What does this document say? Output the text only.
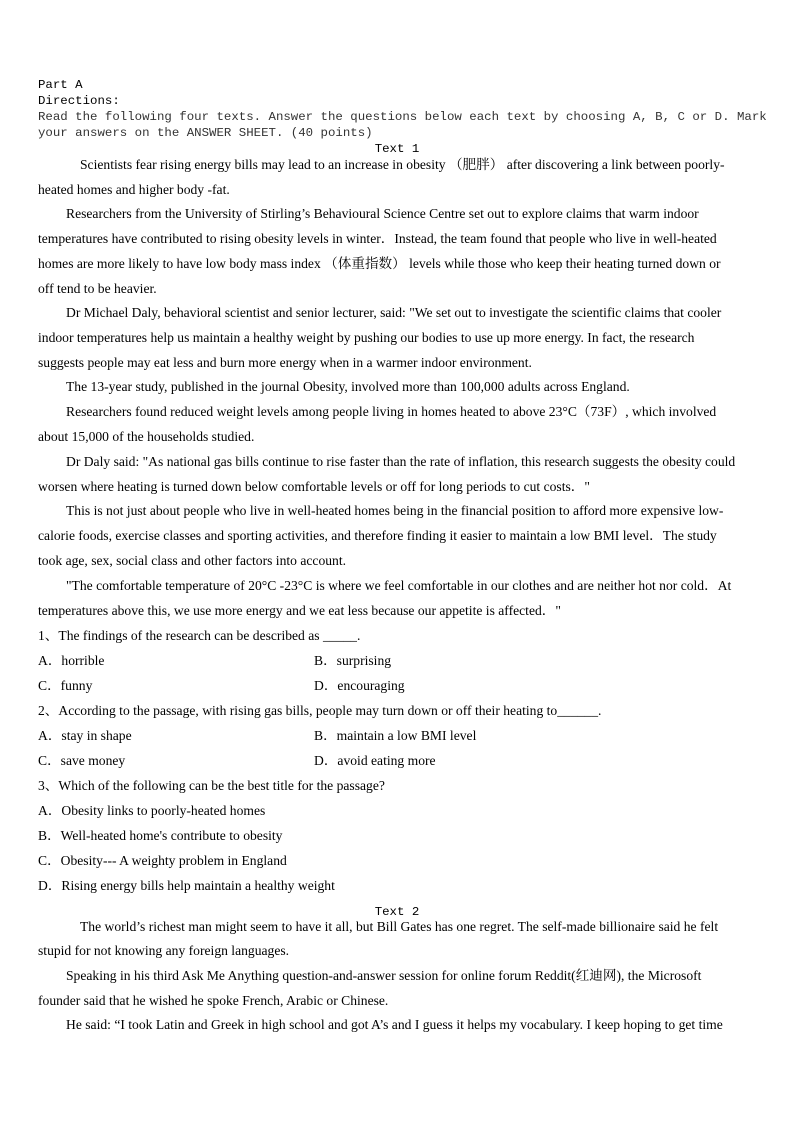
Part A
Directions:
Read the following four texts. Answer the questions below each text by choosing A, B, C or D. Mark
your answers on the ANSWER SHEET. (40 points)
Text 1
Scientists fear rising energy bills may lead to an increase in obesity （肥胖） after discovering a link between poorly-
heated homes and higher body -fat.
Researchers from the University of Stirling’s Behavioural Science Centre set out to explore claims that warm indoor
temperatures have contributed to rising obesity levels in winter．Instead, the team found that people who live in well-heated
homes are more likely to have low body mass index （体重指数） levels while those who keep their heating turned down or
off tend to be heavier.
Dr Michael Daly, behavioral scientist and senior lecturer, said: "We set out to investigate the scientific claims that cooler
indoor temperatures help us maintain a healthy weight by pushing our bodies to use up more energy. In fact, the research
suggests people may eat less and burn more energy when in a warmer indoor environment.
The 13-year study, published in the journal Obesity, involved more than 100,000 adults across England.
Researchers found reduced weight levels among people living in homes heated to above 23°C（73F）, which involved
about 15,000 of the households studied.
Dr Daly said: "As national gas bills continue to rise faster than the rate of inflation, this research suggests the obesity could
worsen where heating is turned down below comfortable levels or off for long periods to cut costs．"
This is not just about people who live in well-heated homes being in the financial position to afford more expensive low-
calorie foods, exercise classes and sporting activities, and therefore finding it easier to maintain a low BMI level．The study
took age, sex, social class and other factors into account.
"The comfortable temperature of 20°C -23°C is where we feel comfortable in our clothes and are neither hot nor cold．At
temperatures above this, we use more energy and we eat less because our appetite is affected．"
1、The findings of the research can be described as _____.
A．horrible	B．surprising
C．funny	D．encouraging
2、According to the passage, with rising gas bills, people may turn down or off their heating to______.
A．stay in shape	B．maintain a low BMI level
C．save money	D．avoid eating more
3、Which of the following can be the best title for the passage?
A．Obesity links to poorly-heated homes
B．Well-heated home's contribute to obesity
C．Obesity--- A weighty problem in England
D．Rising energy bills help maintain a healthy weight
Text 2
The world’s richest man might seem to have it all, but Bill Gates has one regret. The self-made billionaire said he felt
stupid for not knowing any foreign languages.
Speaking in his third Ask Me Anything question-and-answer session for online forum Reddit(红迪网), the Microsoft
founder said that he wished he spoke French, Arabic or Chinese.
He said: “I took Latin and Greek in high school and got A’s and I guess it helps my vocabulary. I keep hoping to get time
